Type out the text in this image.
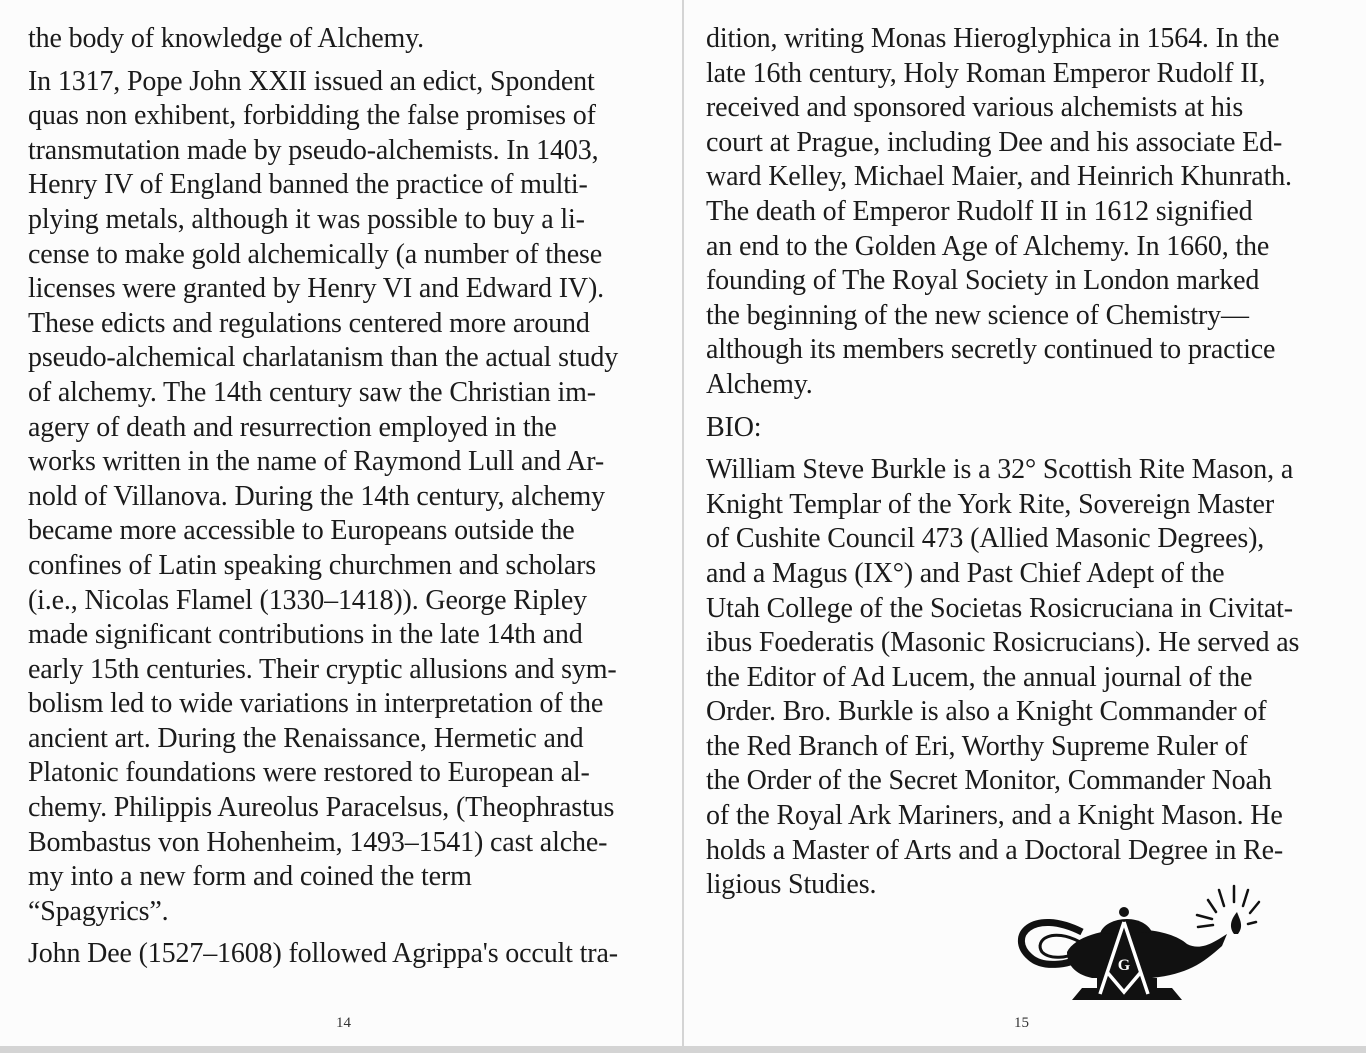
the body of knowledge of Alchemy.
In 1317, Pope John XXII issued an edict, Spondent
quas non exhibent, forbidding the false promises of
transmutation made by pseudo-alchemists. In 1403,
Henry IV of England banned the practice of multi-
plying metals, although it was possible to buy a li-
cense to make gold alchemically (a number of these
licenses were granted by Henry VI and Edward IV).
These edicts and regulations centered more around
pseudo-alchemical charlatanism than the actual study
of alchemy. The 14th century saw the Christian im-
agery of death and resurrection employed in the
works written in the name of Raymond Lull and Ar-
nold of Villanova. During the 14th century, alchemy
became more accessible to Europeans outside the
confines of Latin speaking churchmen and scholars
(i.e., Nicolas Flamel (1330–1418)). George Ripley
made significant contributions in the late 14th and
early 15th centuries. Their cryptic allusions and sym-
bolism led to wide variations in interpretation of the
ancient art. During the Renaissance, Hermetic and
Platonic foundations were restored to European al-
chemy. Philippis Aureolus Paracelsus, (Theophrastus
Bombastus von Hohenheim, 1493–1541) cast alche-
my into a new form and coined the term
“Spagyrics”.
John Dee (1527–1608) followed Agrippa's occult tra-
14
dition, writing Monas Hieroglyphica in 1564. In the
late 16th century, Holy Roman Emperor Rudolf II,
received and sponsored various alchemists at his
court at Prague, including Dee and his associate Ed-
ward Kelley, Michael Maier, and Heinrich Khunrath.
The death of Emperor Rudolf II in 1612 signified
an end to the Golden Age of Alchemy. In 1660, the
founding of The Royal Society in London marked
the beginning of the new science of Chemistry—
although its members secretly continued to practice
Alchemy.
BIO:
William Steve Burkle is a 32° Scottish Rite Mason, a
Knight Templar of the York Rite, Sovereign Master
of Cushite Council 473 (Allied Masonic Degrees),
and a Magus (IX°) and Past Chief Adept of the
Utah College of the Societas Rosicruciana in Civitat-
ibus Foederatis (Masonic Rosicrucians). He served as
the Editor of Ad Lucem, the annual journal of the
Order. Bro. Burkle is also a Knight Commander of
the Red Branch of Eri, Worthy Supreme Ruler of
the Order of the Secret Monitor, Commander Noah
of the Royal Ark Mariners, and a Knight Mason. He
holds a Master of Arts and a Doctoral Degree in Re-
ligious Studies.
G
15
